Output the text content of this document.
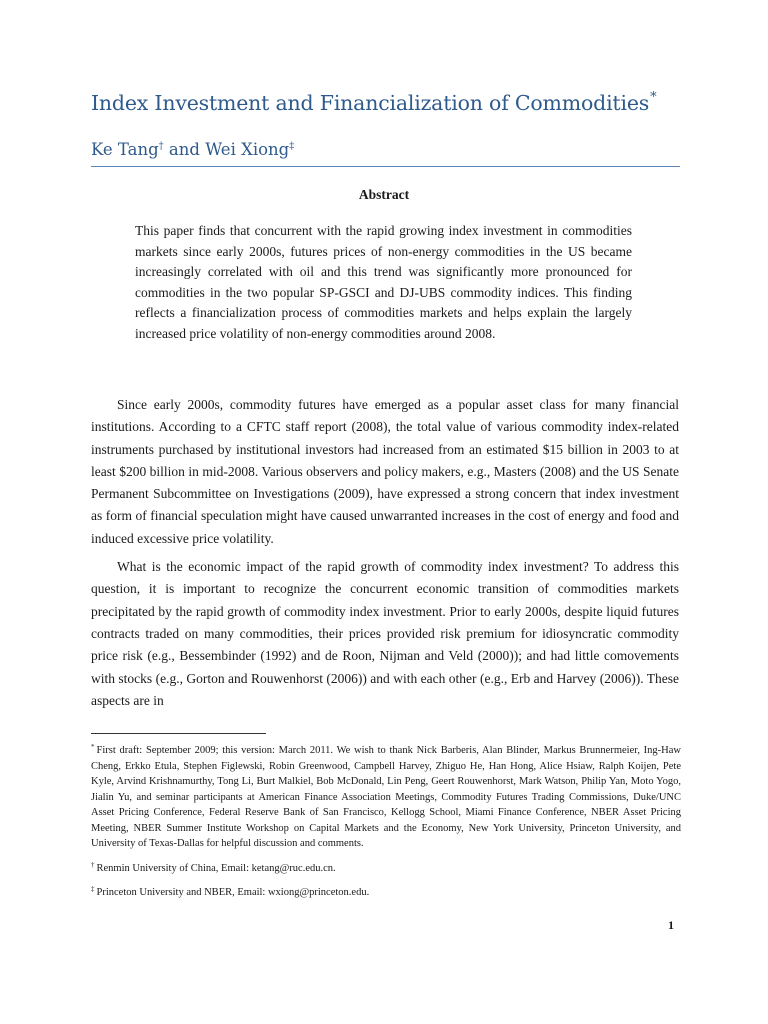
Index Investment and Financialization of Commodities*
Ke Tang† and Wei Xiong‡
Abstract

This paper finds that concurrent with the rapid growing index investment in commodities markets since early 2000s, futures prices of non-energy commodities in the US became increasingly correlated with oil and this trend was significantly more pronounced for commodities in the two popular SP-GSCI and DJ-UBS commodity indices. This finding reflects a financialization process of commodities markets and helps explain the largely increased price volatility of non-energy commodities around 2008.

Since early 2000s, commodity futures have emerged as a popular asset class for many financial institutions. According to a CFTC staff report (2008), the total value of various commodity index-related instruments purchased by institutional investors had increased from an estimated $15 billion in 2003 to at least $200 billion in mid-2008. Various observers and policy makers, e.g., Masters (2008) and the US Senate Permanent Subcommittee on Investigations (2009), have expressed a strong concern that index investment as form of financial speculation might have caused unwarranted increases in the cost of energy and food and induced excessive price volatility.

What is the economic impact of the rapid growth of commodity index investment? To address this question, it is important to recognize the concurrent economic transition of commodities markets precipitated by the rapid growth of commodity index investment. Prior to early 2000s, despite liquid futures contracts traded on many commodities, their prices provided risk premium for idiosyncratic commodity price risk (e.g., Bessembinder (1992) and de Roon, Nijman and Veld (2000)); and had little comovements with stocks (e.g., Gorton and Rouwenhorst (2006)) and with each other (e.g., Erb and Harvey (2006)). These aspects are in

* First draft: September 2009; this version: March 2011. We wish to thank Nick Barberis, Alan Blinder, Markus Brunnermeier, Ing-Haw Cheng, Erkko Etula, Stephen Figlewski, Robin Greenwood, Campbell Harvey, Zhiguo He, Han Hong, Alice Hsiaw, Ralph Koijen, Pete Kyle, Arvind Krishnamurthy, Tong Li, Burt Malkiel, Bob McDonald, Lin Peng, Geert Rouwenhorst, Mark Watson, Philip Yan, Moto Yogo, Jialin Yu, and seminar participants at American Finance Association Meetings, Commodity Futures Trading Commissions, Duke/UNC Asset Pricing Conference, Federal Reserve Bank of San Francisco, Kellogg School, Miami Finance Conference, NBER Asset Pricing Meeting, NBER Summer Institute Workshop on Capital Markets and the Economy, New York University, Princeton University, and University of Texas-Dallas for helpful discussion and comments.

† Renmin University of China, Email: ketang@ruc.edu.cn.

‡ Princeton University and NBER, Email: wxiong@princeton.edu.

1
